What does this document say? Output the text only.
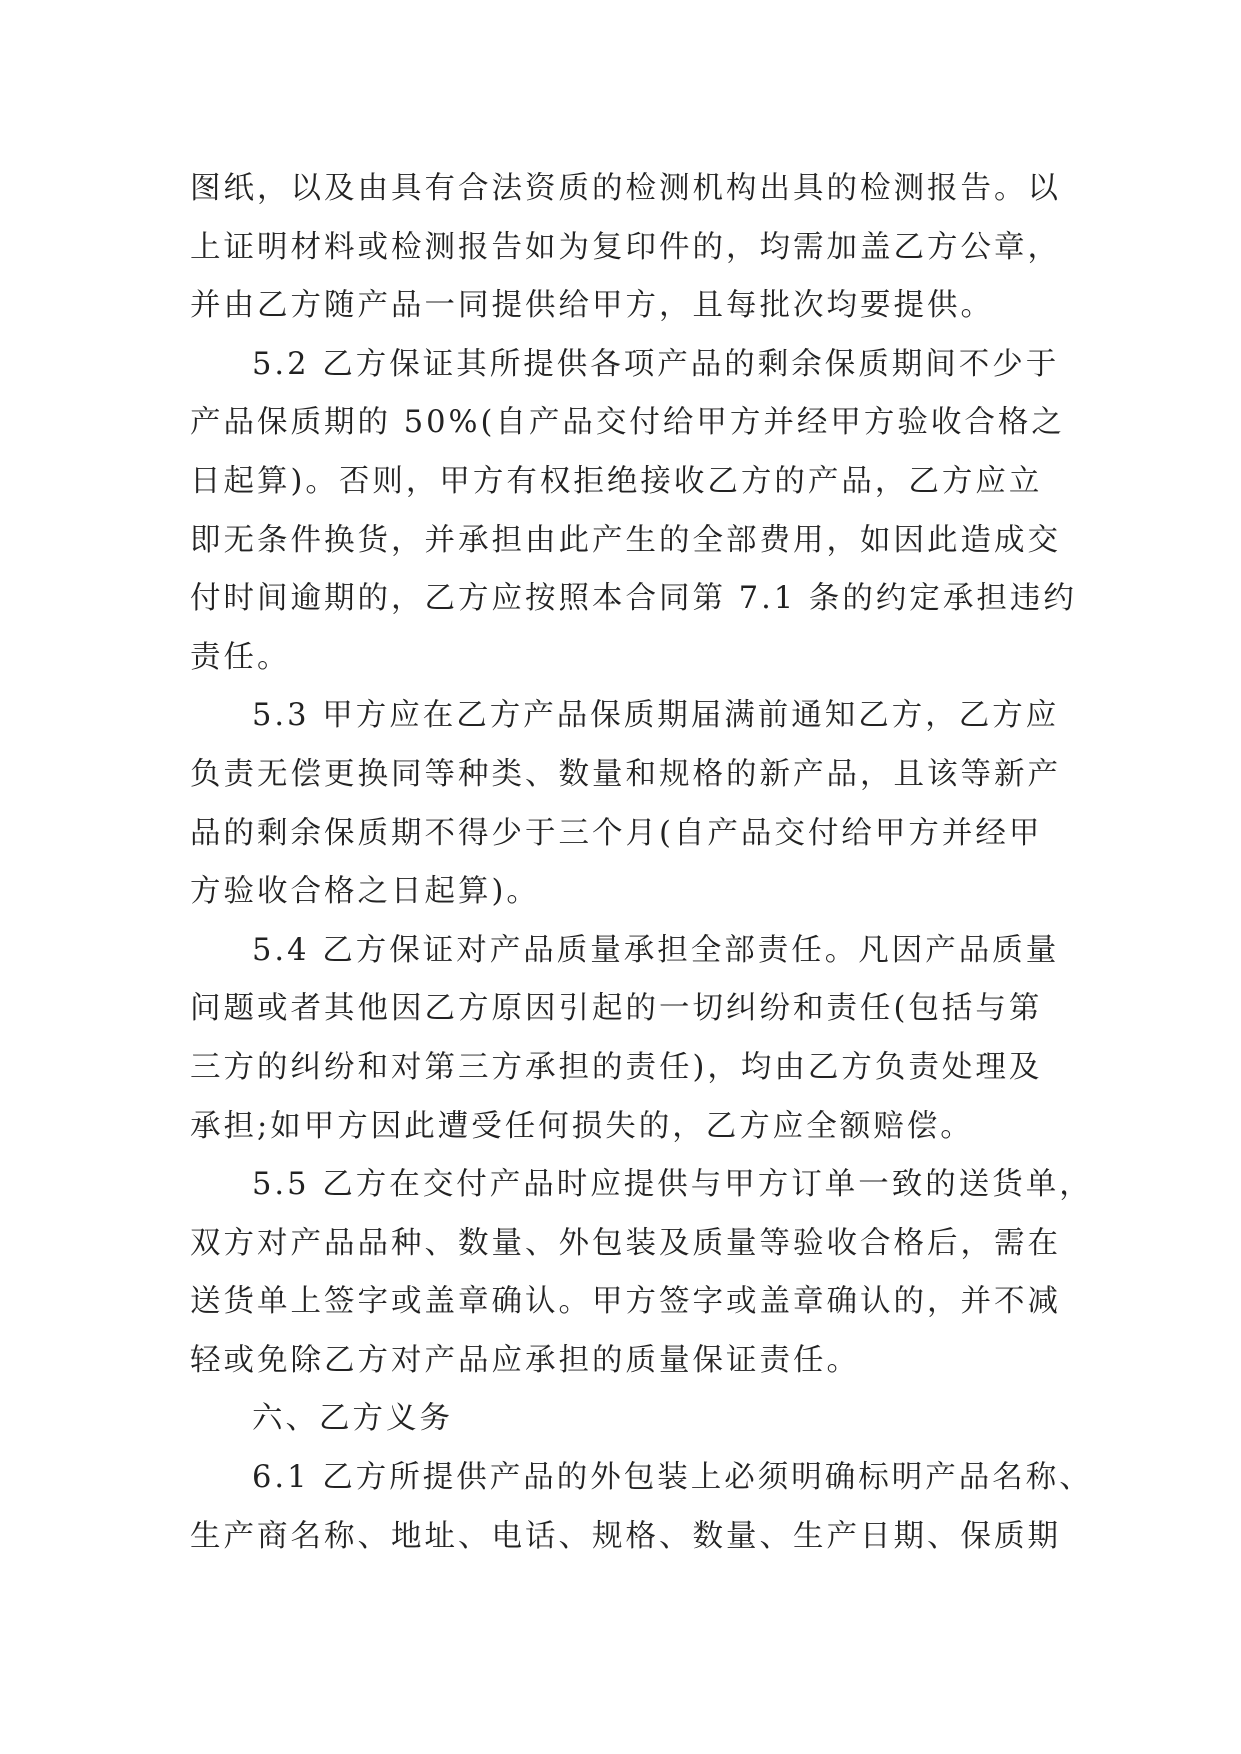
图纸，以及由具有合法资质的检测机构出具的检测报告。以
上证明材料或检测报告如为复印件的，均需加盖乙方公章，
并由乙方随产品一同提供给甲方，且每批次均要提供。
5.2 乙方保证其所提供各项产品的剩余保质期间不少于
产品保质期的 50%(自产品交付给甲方并经甲方验收合格之
日起算)。否则，甲方有权拒绝接收乙方的产品，乙方应立
即无条件换货，并承担由此产生的全部费用，如因此造成交
付时间逾期的，乙方应按照本合同第 7.1 条的约定承担违约
责任。
5.3 甲方应在乙方产品保质期届满前通知乙方，乙方应
负责无偿更换同等种类、数量和规格的新产品，且该等新产
品的剩余保质期不得少于三个月(自产品交付给甲方并经甲
方验收合格之日起算)。
5.4 乙方保证对产品质量承担全部责任。凡因产品质量
问题或者其他因乙方原因引起的一切纠纷和责任(包括与第
三方的纠纷和对第三方承担的责任)，均由乙方负责处理及
承担;如甲方因此遭受任何损失的，乙方应全额赔偿。
5.5 乙方在交付产品时应提供与甲方订单一致的送货单，
双方对产品品种、数量、外包装及质量等验收合格后，需在
送货单上签字或盖章确认。甲方签字或盖章确认的，并不减
轻或免除乙方对产品应承担的质量保证责任。
六、乙方义务
6.1 乙方所提供产品的外包装上必须明确标明产品名称、
生产商名称、地址、电话、规格、数量、生产日期、保质期
